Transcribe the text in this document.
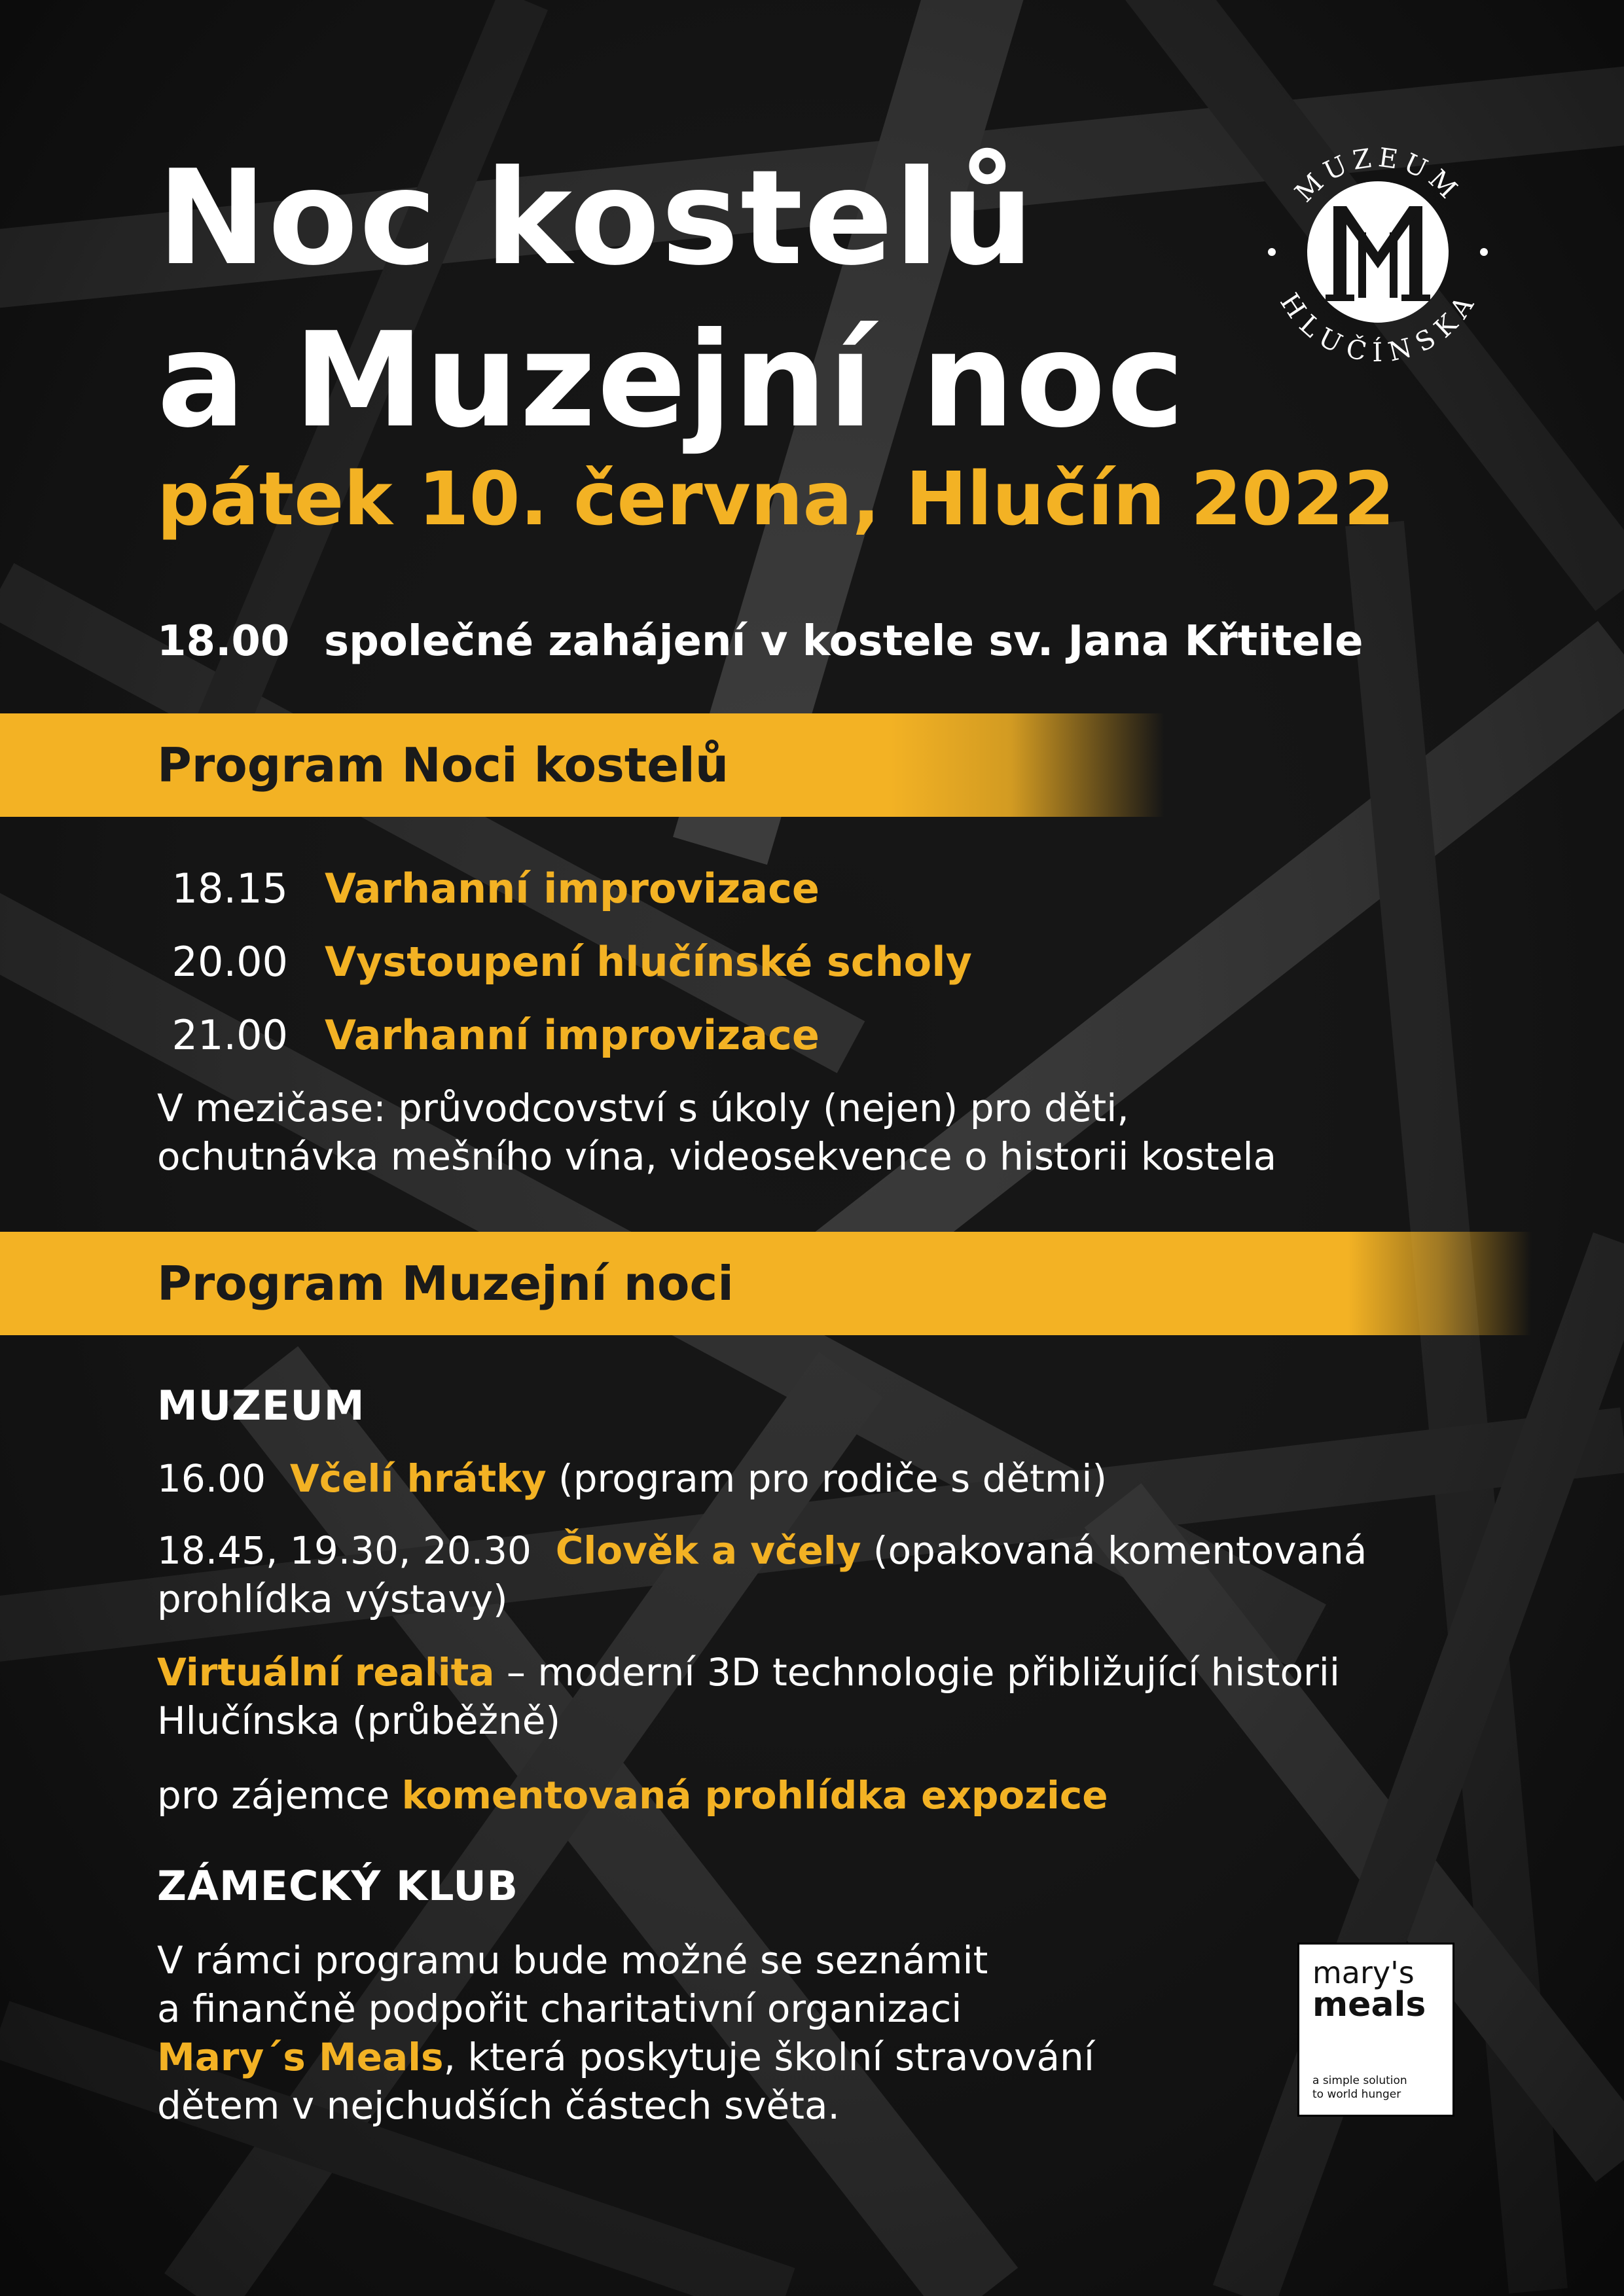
MUZEUM
HLUČÍNSKA
Noc kostelů
a Muzejní noc
pátek 10. června, Hlučín 2022
18.00 společné zahájení v kostele sv. Jana Křtitele
Program Noci kostelů
18.15 Varhanní improvizace
20.00 Vystoupení hlučínské scholy
21.00 Varhanní improvizace
V mezičase: průvodcovství s úkoly (nejen) pro děti,
ochutnávka mešního vína, videosekvence o historii kostela
Program Muzejní noci
MUZEUM
16.00 Včelí hrátky (program pro rodiče s dětmi)
18.45, 19.30, 20.30 Člověk a včely (opakovaná komentovaná
prohlídka výstavy)
Virtuální realita – moderní 3D technologie přibližující historii
Hlučínska (průběžně)
pro zájemce komentovaná prohlídka expozice
ZÁMECKÝ KLUB
V rámci programu bude možné se seznámit
a finančně podpořit charitativní organizaci
Mary´s Meals, která poskytuje školní stravování
dětem v nejchudších částech světa.
mary's
meals
a simple solution
to world hunger
